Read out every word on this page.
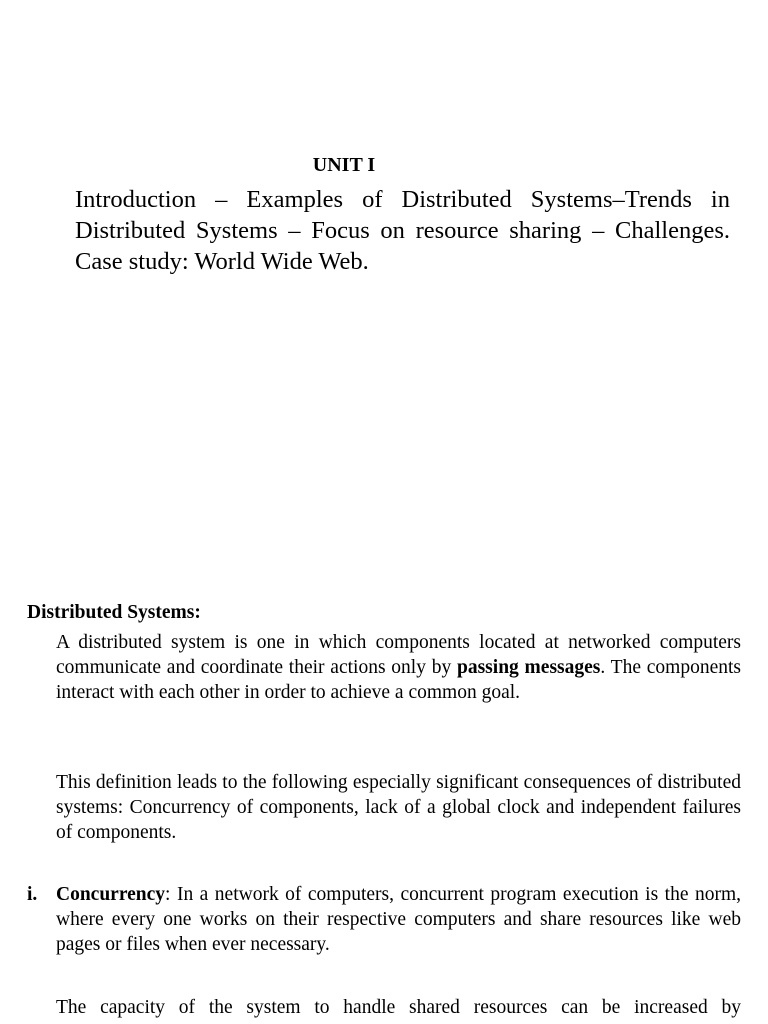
UNIT I
Introduction – Examples of Distributed Systems–Trends in Distributed Systems – Focus on resource sharing – Challenges. Case study: World Wide Web.
Distributed Systems:
A distributed system is one in which components located at networked computers communicate and coordinate their actions only by passing messages. The components interact with each other in order to achieve a common goal.
This definition leads to the following especially significant consequences of distributed systems: Concurrency of components, lack of a global clock and independent failures of components.
i. Concurrency: In a network of computers, concurrent program execution is the norm, where every one works on their respective computers and share resources like web pages or files when ever necessary.
The capacity of the system to handle shared resources can be increased by
